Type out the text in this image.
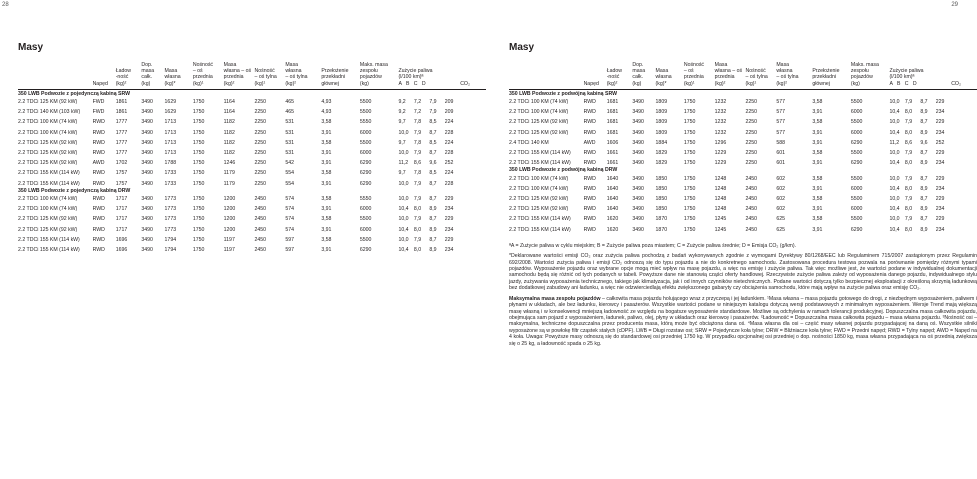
28	29
Masy
	Napęd	Ładow
-ność
(kg)²	Dop.
masa
całk.
(kg)	Masa
własna
(kg)*	Nośność
– oś
przednia
(kg)¹	Masa
własna – oś
przednia
(kg)²	Nośność
– oś tylna
(kg)¹	Masa
własna
– oś tylna
(kg)²	Przełożenie
przekładni
głównej	Maks. masa
zespołu
pojazdów
(kg)	Zużycie paliwa
(l/100 km)ª
A   B   C   D				CO₂
350 LWB Podwozie z pojedynczą kabiną SRW															
2.2 TDCi 125 KM (92 kW)	FWD	1861	3490	1629	1750	1164	2250	465	4,93	5500	9,2	7,2	7,9	209	
2.2 TDCi 140 KM (103 kW)	FWD	1861	3490	1629	1750	1164	2250	465	4,93	5500	9,2	7,2	7,9	209	
2.2 TDCi 100 KM (74 kW)	RWD	1777	3490	1713	1750	1182	2250	531	3,58	5550	9,7	7,8	8,5	224	
2.2 TDCi 100 KM (74 kW)	RWD	1777	3490	1713	1750	1182	2250	531	3,91	6000	10,0	7,9	8,7	228	
2.2 TDCi 125 KM (92 kW)	RWD	1777	3490	1713	1750	1182	2250	531	3,58	5500	9,7	7,8	8,5	224	
2.2 TDCi 125 KM (92 kW)	RWD	1777	3490	1713	1750	1182	2250	531	3,91	6000	10,0	7,9	8,7	228	
2.2 TDCi 125 KM (92 kW)	AWD	1702	3490	1788	1750	1246	2250	542	3,91	6290	11,2	8,6	9,6	252	
2.2 TDCi 155 KM (114 kW)	RWD	1757	3490	1733	1750	1179	2250	554	3,58	6290	9,7	7,8	8,5	224	
2.2 TDCi 155 KM (114 kW)	RWD	1757	3490	1733	1750	1179	2250	554	3,91	6290	10,0	7,9	8,7	228	
350 LWB Podwozie z pojedynczą kabiną DRW															
2.2 TDCi 100 KM (74 kW)	RWD	1717	3490	1773	1750	1200	2450	574	3,58	5550	10,0	7,9	8,7	229	
2.2 TDCi 100 KM (74 kW)	RWD	1717	3490	1773	1750	1200	2450	574	3,91	6000	10,4	8,0	8,9	234	
2.2 TDCi 125 KM (92 kW)	RWD	1717	3490	1773	1750	1200	2450	574	3,58	5500	10,0	7,9	8,7	229	
2.2 TDCi 125 KM (92 kW)	RWD	1717	3490	1773	1750	1200	2450	574	3,91	6000	10,4	8,0	8,9	234	
2.2 TDCi 155 KM (114 kW)	RWD	1696	3490	1794	1750	1197	2450	597	3,58	5500	10,0	7,9	8,7	229	
2.2 TDCi 155 KM (114 kW)	RWD	1696	3490	1794	1750	1197	2450	597	3,91	6290	10,4	8,0	8,9	234	
Masy
	Napęd	Ładow
-ność
(kg)²	Dop.
masa
całk.
(kg)	Masa
własna
(kg)*	Nośność
– oś
przednia
(kg)¹	Masa
własna – oś
przednia
(kg)²	Nośność
– oś tylna
(kg)¹	Masa
własna
– oś tylna
(kg)²	Przełożenie
przekładni
głównej	Maks. masa
zespołu
pojazdów
(kg)	Zużycie paliwa
(l/100 km)ª
A   B   C   D				CO₂
350 LWB Podwozie z podwójną kabiną SRW															
2.2 TDCi 100 KM (74 kW)	RWD	1681	3490	1809	1750	1232	2250	577	3,58	5500	10,0	7,9	8,7	229	
2.2 TDCi 100 KM (74 kW)	RWD	1681	3490	1809	1750	1232	2250	577	3,91	6000	10,4	8,0	8,9	234	
2.2 TDCi 125 KM (92 kW)	RWD	1681	3490	1809	1750	1232	2250	577	3,58	5500	10,0	7,9	8,7	229	
2.2 TDCi 125 KM (92 kW)	RWD	1681	3490	1809	1750	1232	2250	577	3,91	6000	10,4	8,0	8,9	234	
2.4 TDCi 140 KM	AWD	1606	3490	1884	1750	1296	2250	588	3,91	6290	11,2	8,6	9,6	252	
2.2 TDCi 155 KM (114 kW)	RWD	1661	3490	1829	1750	1229	2250	601	3,58	5500	10,0	7,9	8,7	229	
2.2 TDCi 155 KM (114 kW)	RWD	1661	3490	1829	1750	1229	2250	601	3,91	6290	10,4	8,0	8,9	234	
350 LWB Podwozie z podwójną kabiną DRW															
2.2 TDCi 100 KM (74 kW)	RWD	1640	3490	1850	1750	1248	2450	602	3,58	5500	10,0	7,9	8,7	229	
2.2 TDCi 100 KM (74 kW)	RWD	1640	3490	1850	1750	1248	2450	602	3,91	6000	10,4	8,0	8,9	234	
2.2 TDCi 125 KM (92 kW)	RWD	1640	3490	1850	1750	1248	2450	602	3,58	5500	10,0	7,9	8,7	229	
2.2 TDCi 125 KM (92 kW)	RWD	1640	3490	1850	1750	1248	2450	602	3,91	6000	10,4	8,0	8,9	234	
2.2 TDCi 155 KM (114 kW)	RWD	1620	3490	1870	1750	1245	2450	625	3,58	5500	10,0	7,9	8,7	229	
2.2 TDCi 155 KM (114 kW)	RWD	1620	3490	1870	1750	1245	2450	625	3,91	6290	10,4	8,0	8,9	234	

ªA = Zużycie paliwa w cyklu miejskim; B = Zużycie paliwa poza miastem; C = Zużycie paliwa średnie; D = Emisja CO₂ (g/km).

*Deklarowane wartości emisji CO₂ oraz zużycia paliwa pochodzą z badań wykonywanych zgodnie z wymogami Dyrektywy 80/1268/EEC lub Regulaminem 715/2007 zastąpionym przez Regulamin 692/2008. Wartości zużycia paliwa i emisji CO₂ odnoszą się do typu pojazdu a nie do konkretnego samochodu. Zastosowana procedura testowa pozwala na porównanie pomiędzy różnymi typami pojazdów. Wyposażenie pojazdu oraz wybrane opcje mogą mieć wpływ na masę pojazdu, a więc na emisję i zużycie paliwa. Tak więc możliwe jest, że wartości podane w indywidualnej dokumentacji samochodu będą się różnić od tych podanych w tabeli. Powyższe dane nie stanowią cząści oferty handlowej. Rzeczywiste zużycie paliwa zależy od wyposażenia danego pojazdu, indywidualnego stylu jazdy, zużywania wyposażenia technicznego, takiego jak klimatyzacja, jak i od innych czynników nietechnicznych. Podane wartości dotyczą tylko bezpiecznej eksploatacji z określoną skrzynią ładunkową bez dodatkowej zabudowy ani ładunku, a więc nie odzwierciedlają efektu zwiększonego gabaryty czy obciążenia samochodu, które mają wpływ na zużycie paliwa oraz emisję CO₂.

Maksymalna masa zespołu pojazdów – całkowita masa pojazdu holującego wraz z przyczepą i jej ładunkiem. ¹Masa własna – masa pojazdu gotowego do drogi, z niezbędnym wyposażeniem, paliwem i płynami w układach, ale bez ładunku, kierowcy i pasażerów. Wszystkie wartości podane w niniejszym katalogu dotyczą wersji podstawowych z minimalnym wyposażeniem. Wersje Trend mają większą masę własną i w konsekwencji mniejszą ładowność ze względu na bogatsze wyposażenie standardowe. Możliwe są odchylenia w ramach tolerancji produkcyjnej. Dopuszczalna masa całkowita pojazdu, obejmująca sam pojazd z wyposażeniem, ładunek, paliwo, olej, płyny w układach oraz kierowcę i pasażerów. ²Ładowność = Dopuszczalna masa całkowita pojazdu – masa własna pojazdu. ³Nośność osi – maksymalna, techniczne dopuszczalna przez producenta masa, którą może być obciążona dana oś. ⁴Masa własna dla osi – część masy własnej pojazdu przypadającej na daną oś. Wszystkie silniki wyposażone są w powłokę filtr cząstek stałych (cDPF). LWB = Długi rozstaw osi; SRW = Pojedyncze koła tylne; DRW = Bliźniacze koła tylne; FWD = Przedni napęd; RWD = Tylny napęd; AWD = Napęd na 4 koła. Uwaga: Powyższe masy odnoszą się do standardowej osi przedniej 1750 kg. W przypadku opcjonalnej osi przedniej o dop. nośności 1850 kg, masa własna przypadająca na oś przednią zwiększa się o 25 kg, a ładowność spada o 25 kg.
